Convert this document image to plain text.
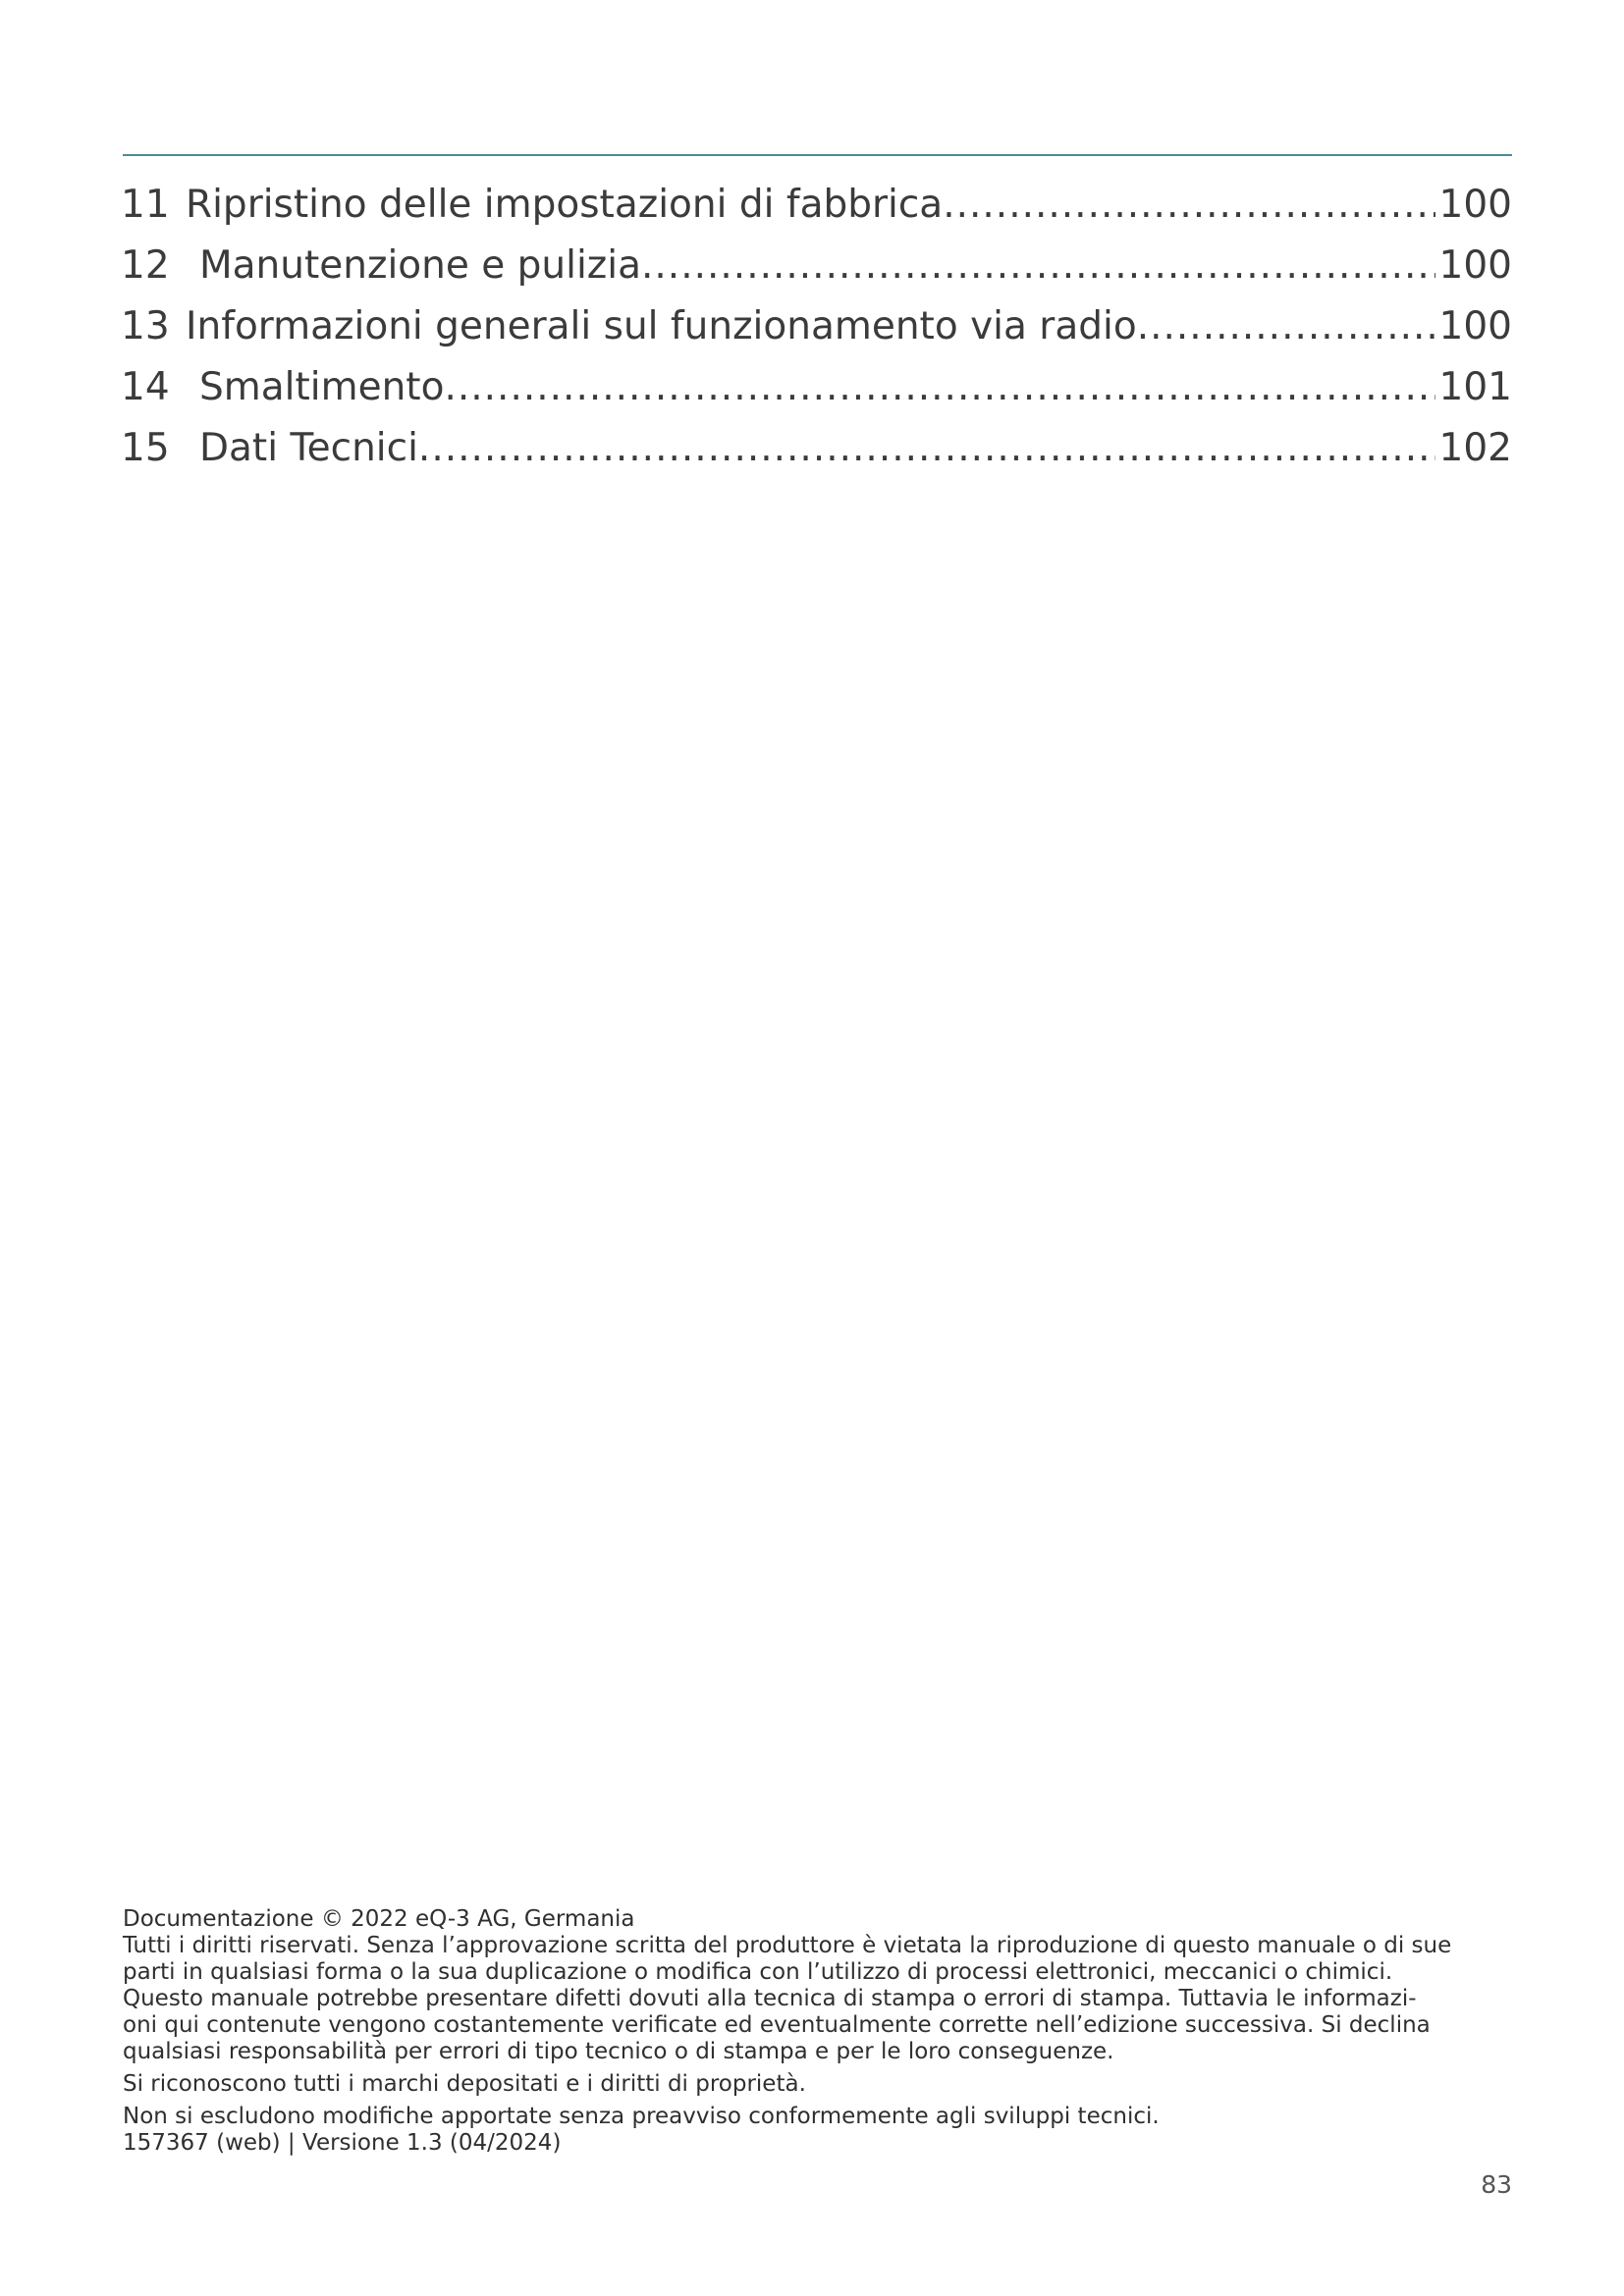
11 Ripristino delle impostazioni di fabbrica .....	100
12 Manutenzione e pulizia .....	100
13 Informazioni generali sul funzionamento via radio .....	100
14 Smaltimento .....	101
15 Dati Tecnici .....	102

Documentazione © 2022 eQ-3 AG, Germania

Tutti i diritti riservati. Senza l’approvazione scritta del produttore è vietata la riproduzione di questo manuale o di sue

parti in qualsiasi forma o la sua duplicazione o modifica con l’utilizzo di processi elettronici, meccanici o chimici.

Questo manuale potrebbe presentare difetti dovuti alla tecnica di stampa o errori di stampa. Tuttavia le informazi-

oni qui contenute vengono costantemente verificate ed eventualmente corrette nell’edizione successiva. Si declina

qualsiasi responsabilità per errori di tipo tecnico o di stampa e per le loro conseguenze.

Si riconoscono tutti i marchi depositati e i diritti di proprietà.

Non si escludono modifiche apportate senza preavviso conformemente agli sviluppi tecnici.

157367 (web) | Versione 1.3 (04/2024)

83
